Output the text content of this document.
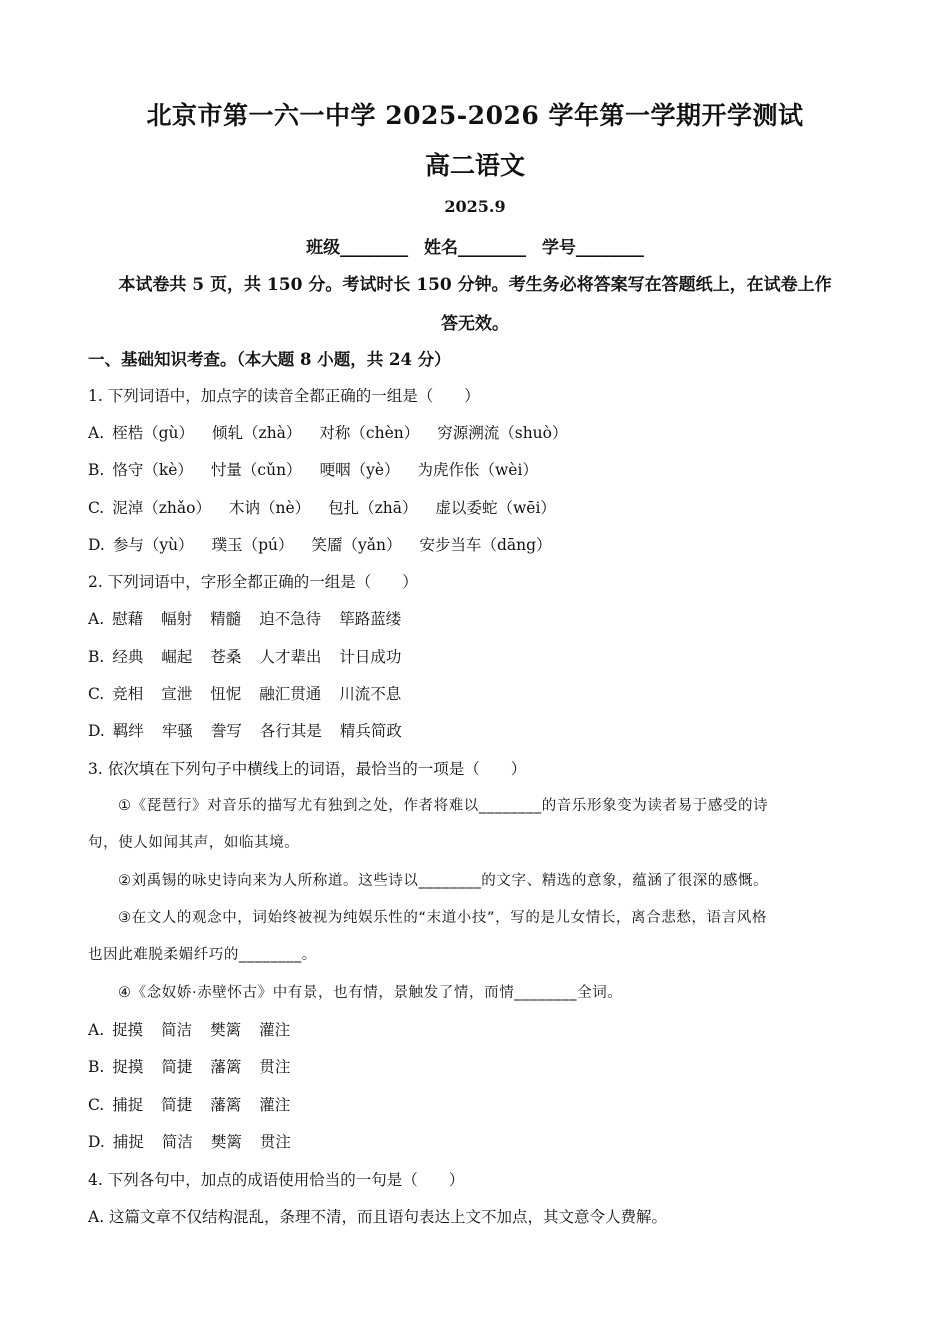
北京市第一六一中学 2025-2026 学年第一学期开学测试
高二语文
2025.9
班级________ 姓名________ 学号________
本试卷共 5 页，共 150 分。考试时长 150 分钟。考生务必将答案写在答题纸上，在试卷上作
答无效。
一、基础知识考查。（本大题 8 小题，共 24 分）
1. 下列词语中，加点字的读音全都正确的一组是（　　）
A. 桎梏（gù） 倾轧（zhà） 对称（chèn） 穷源溯流（shuò）
B. 恪守（kè） 忖量（cǔn） 哽咽（yè） 为虎作伥（wèi）
C. 泥淖（zhǎo） 木讷（nè） 包扎（zhā） 虚以委蛇（wēi）
D. 参与（yù） 璞玉（pú） 笑靥（yǎn） 安步当车（dāng）
2. 下列词语中，字形全都正确的一组是（　　）
A. 慰藉 幅射 精髓 迫不急待 筚路蓝缕
B. 经典 崛起 苍桑 人才辈出 计日成功
C. 竞相 宣泄 忸怩 融汇贯通 川流不息
D. 羁绊 牢骚 誊写 各行其是 精兵简政
3. 依次填在下列句子中横线上的词语，最恰当的一项是（　　）
①《琵琶行》对音乐的描写尤有独到之处，作者将难以________的音乐形象变为读者易于感受的诗
句，使人如闻其声，如临其境。
②刘禹锡的咏史诗向来为人所称道。这些诗以________的文字、精选的意象，蕴涵了很深的感慨。
③在文人的观念中，词始终被视为纯娱乐性的“末道小技”，写的是儿女情长，离合悲愁，语言风格
也因此难脱柔媚纤巧的________。
④《念奴娇·赤壁怀古》中有景，也有情，景触发了情，而情________全词。
A. 捉摸 简洁 樊篱 灌注
B. 捉摸 简捷 藩篱 贯注
C. 捕捉 简捷 藩篱 灌注
D. 捕捉 简洁 樊篱 贯注
4. 下列各句中，加点的成语使用恰当的一句是（　　）
A. 这篇文章不仅结构混乱，条理不清，而且语句表达上文不加点，其文意令人费解。
